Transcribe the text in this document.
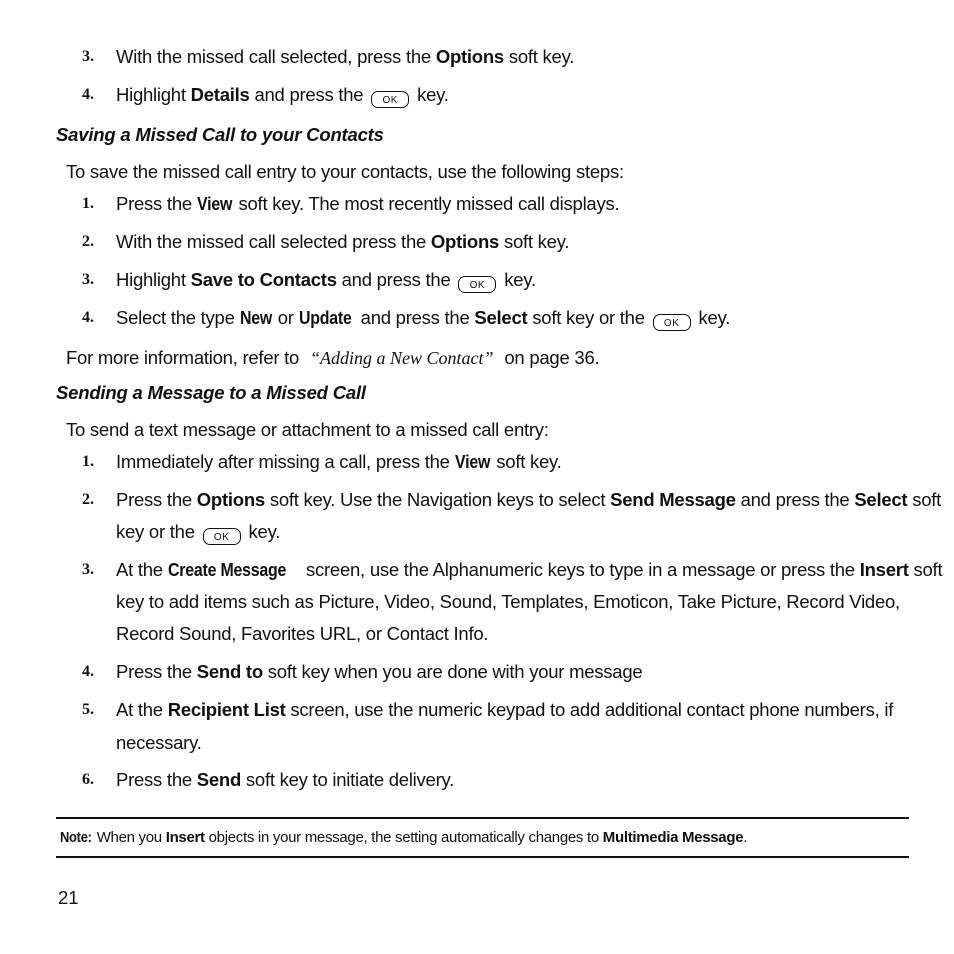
3. With the missed call selected, press the Options soft key.
4. Highlight Details and press the OK key.
Saving a Missed Call to your Contacts
To save the missed call entry to your contacts, use the following steps:
1. Press the View soft key. The most recently missed call displays.
2. With the missed call selected press the Options soft key.
3. Highlight Save to Contacts and press the OK key.
4. Select the type New or Update and press the Select soft key or the OK key.
For more information, refer to “Adding a New Contact” on page 36.
Sending a Message to a Missed Call
To send a text message or attachment to a missed call entry:
1. Immediately after missing a call, press the View soft key.
2. Press the Options soft key. Use the Navigation keys to select Send Message and press the Select soft
key or the OK key.
3. At the Create Message screen, use the Alphanumeric keys to type in a message or press the Insert soft
key to add items such as Picture, Video, Sound, Templates, Emoticon, Take Picture, Record Video,
Record Sound, Favorites URL, or Contact Info.
4. Press the Send to soft key when you are done with your message
5. At the Recipient List screen, use the numeric keypad to add additional contact phone numbers, if
necessary.
6. Press the Send soft key to initiate delivery.
Note: When you Insert objects in your message, the setting automatically changes to Multimedia Message.
21
